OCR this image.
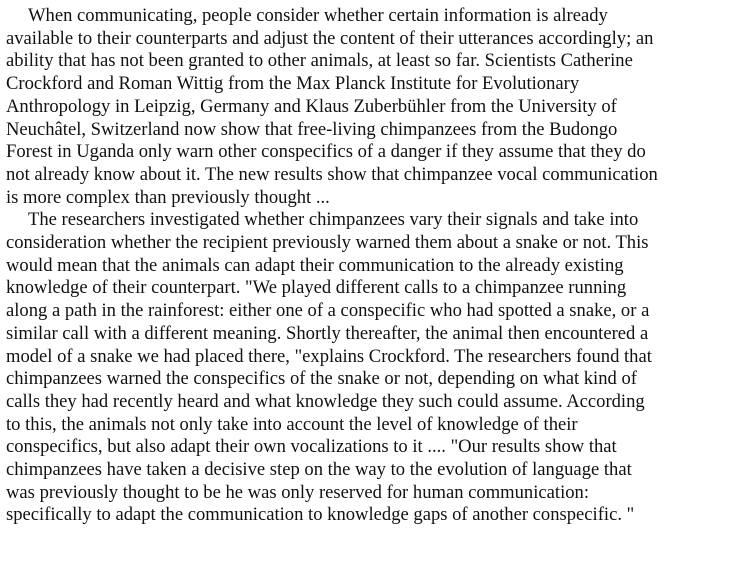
When communicating, people consider whether certain information is already
available to their counterparts and adjust the content of their utterances accordingly; an
ability that has not been granted to other animals, at least so far. Scientists Catherine
Crockford and Roman Wittig from the Max Planck Institute for Evolutionary
Anthropology in Leipzig, Germany and Klaus Zuberbühler from the University of
Neuchâtel, Switzerland now show that free-living chimpanzees from the Budongo
Forest in Uganda only warn other conspecifics of a danger if they assume that they do
not already know about it. The new results show that chimpanzee vocal communication
is more complex than previously thought ...

The researchers investigated whether chimpanzees vary their signals and take into
consideration whether the recipient previously warned them about a snake or not. This
would mean that the animals can adapt their communication to the already existing
knowledge of their counterpart. "We played different calls to a chimpanzee running
along a path in the rainforest: either one of a conspecific who had spotted a snake, or a
similar call with a different meaning. Shortly thereafter, the animal then encountered a
model of a snake we had placed there, "explains Crockford. The researchers found that
chimpanzees warned the conspecifics of the snake or not, depending on what kind of
calls they had recently heard and what knowledge they such could assume. According
to this, the animals not only take into account the level of knowledge of their
conspecifics, but also adapt their own vocalizations to it .... "Our results show that
chimpanzees have taken a decisive step on the way to the evolution of language that
was previously thought to be he was only reserved for human communication:
specifically to adapt the communication to knowledge gaps of another conspecific. "
